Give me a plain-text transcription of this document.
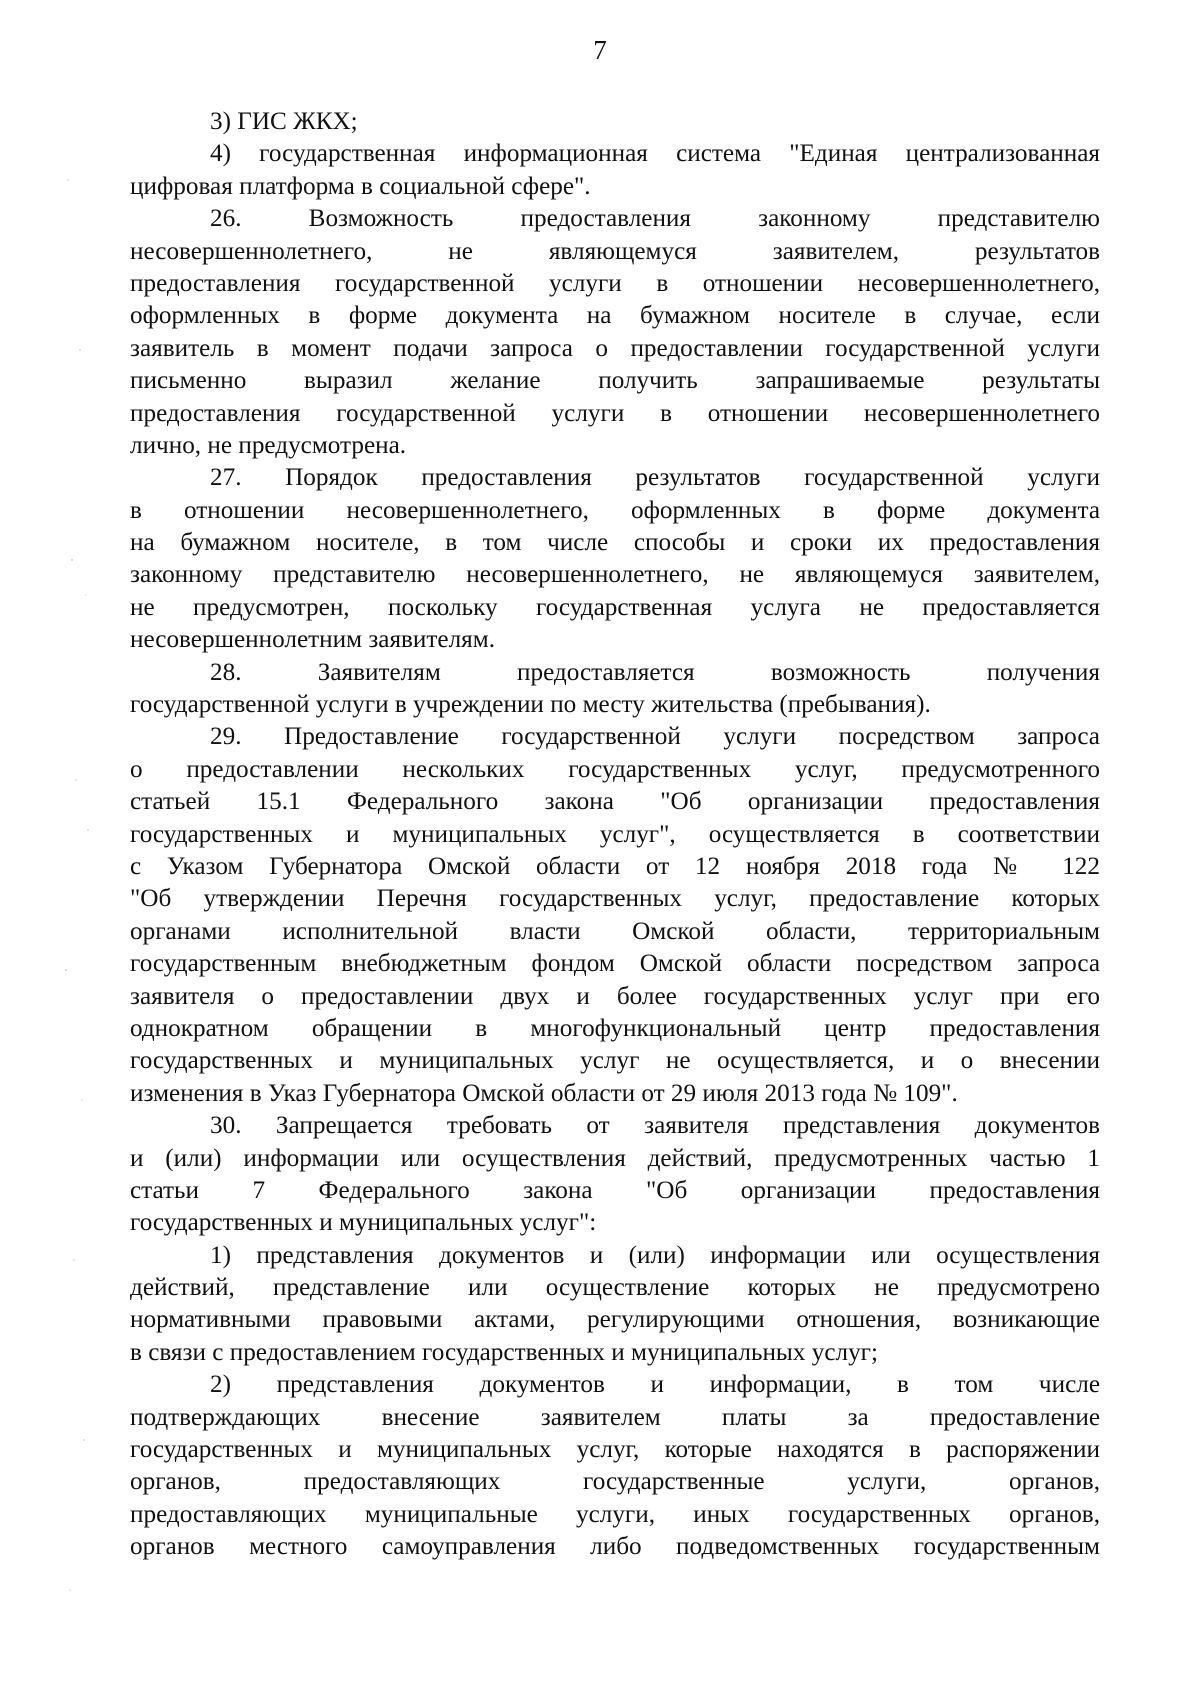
7
3) ГИС ЖКХ;
4) государственная информационная система "Единая централизованная
цифровая платформа в социальной сфере".
26. Возможность предоставления законному представителю
несовершеннолетнего, не являющемуся заявителем, результатов
предоставления государственной услуги в отношении несовершеннолетнего,
оформленных в форме документа на бумажном носителе в случае, если
заявитель в момент подачи запроса о предоставлении государственной услуги
письменно выразил желание получить запрашиваемые результаты
предоставления государственной услуги в отношении несовершеннолетнего
лично, не предусмотрена.
27. Порядок предоставления результатов государственной услуги
в отношении несовершеннолетнего, оформленных в форме документа
на бумажном носителе, в том числе способы и сроки их предоставления
законному представителю несовершеннолетнего, не являющемуся заявителем,
не предусмотрен, поскольку государственная услуга не предоставляется
несовершеннолетним заявителям.
28. Заявителям предоставляется возможность получения
государственной услуги в учреждении по месту жительства (пребывания).
29. Предоставление государственной услуги посредством запроса
о предоставлении нескольких государственных услуг, предусмотренного
статьей 15.1 Федерального закона "Об организации предоставления
государственных и муниципальных услуг", осуществляется в соответствии
с Указом Губернатора Омской области от 12 ноября 2018 года № 122
"Об утверждении Перечня государственных услуг, предоставление которых
органами исполнительной власти Омской области, территориальным
государственным внебюджетным фондом Омской области посредством запроса
заявителя о предоставлении двух и более государственных услуг при его
однократном обращении в многофункциональный центр предоставления
государственных и муниципальных услуг не осуществляется, и о внесении
изменения в Указ Губернатора Омской области от 29 июля 2013 года № 109".
30. Запрещается требовать от заявителя представления документов
и (или) информации или осуществления действий, предусмотренных частью 1
статьи 7 Федерального закона "Об организации предоставления
государственных и муниципальных услуг":
1) представления документов и (или) информации или осуществления
действий, представление или осуществление которых не предусмотрено
нормативными правовыми актами, регулирующими отношения, возникающие
в связи с предоставлением государственных и муниципальных услуг;
2) представления документов и информации, в том числе
подтверждающих внесение заявителем платы за предоставление
государственных и муниципальных услуг, которые находятся в распоряжении
органов, предоставляющих государственные услуги, органов,
предоставляющих муниципальные услуги, иных государственных органов,
органов местного самоуправления либо подведомственных государственным
